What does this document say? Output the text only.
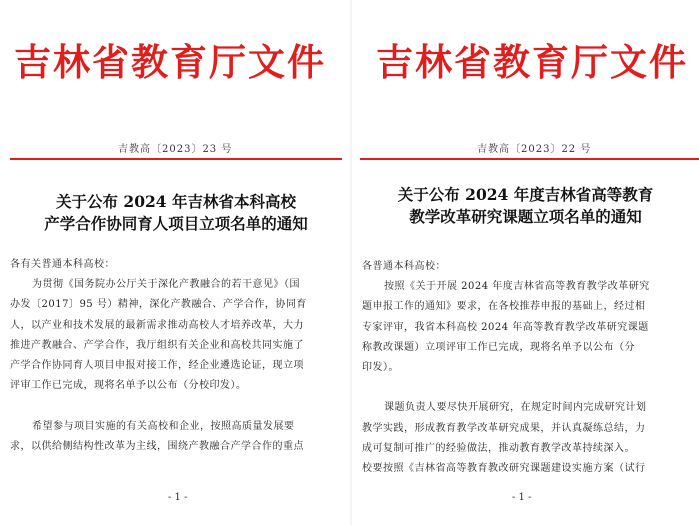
吉林省教育厅文件
吉教高〔2023〕23 号
关于公布 2024 年吉林省本科高校
产学合作协同育人项目立项名单的通知

各有关普通本科高校：

为贯彻《国务院办公厅关于深化产教融合的若干意见》（国

办发〔2017〕95 号）精神，深化产教融合、产学合作，协同育

人，以产业和技术发展的最新需求推动高校人才培养改革，大力

推进产教融合、产学合作，我厅组织有关企业和高校共同实施了

产学合作协同育人项目申报对接工作，经企业遴选论证，现立项

评审工作已完成，现将名单予以公布（分校印发）。

希望参与项目实施的有关高校和企业，按照高质量发展要

求，以供给侧结构性改革为主线，围绕产教融合产学合作的重点

- 1 -
吉林省教育厅文件
吉教高〔2023〕22 号
关于公布 2024 年度吉林省高等教育
教学改革研究课题立项名单的通知

各普通本科高校：

按照《关于开展 2024 年度吉林省高等教育教学改革研究

题申报工作的通知》要求，在各校推荐申报的基础上，经过相

专家评审，我省本科高校 2024 年高等教育教学改革研究课题

称教改课题）立项评审工作已完成，现将名单予以公布（分

印发）。

课题负责人要尽快开展研究，在规定时间内完成研究计划

教学实践，形成教育教学改革研究成果，并认真凝练总结，力

成可复制可推广的经验做法，推动教育教学改革持续深入。

校要按照《吉林省高等教育教改研究课题建设实施方案（试行

- 1 -
